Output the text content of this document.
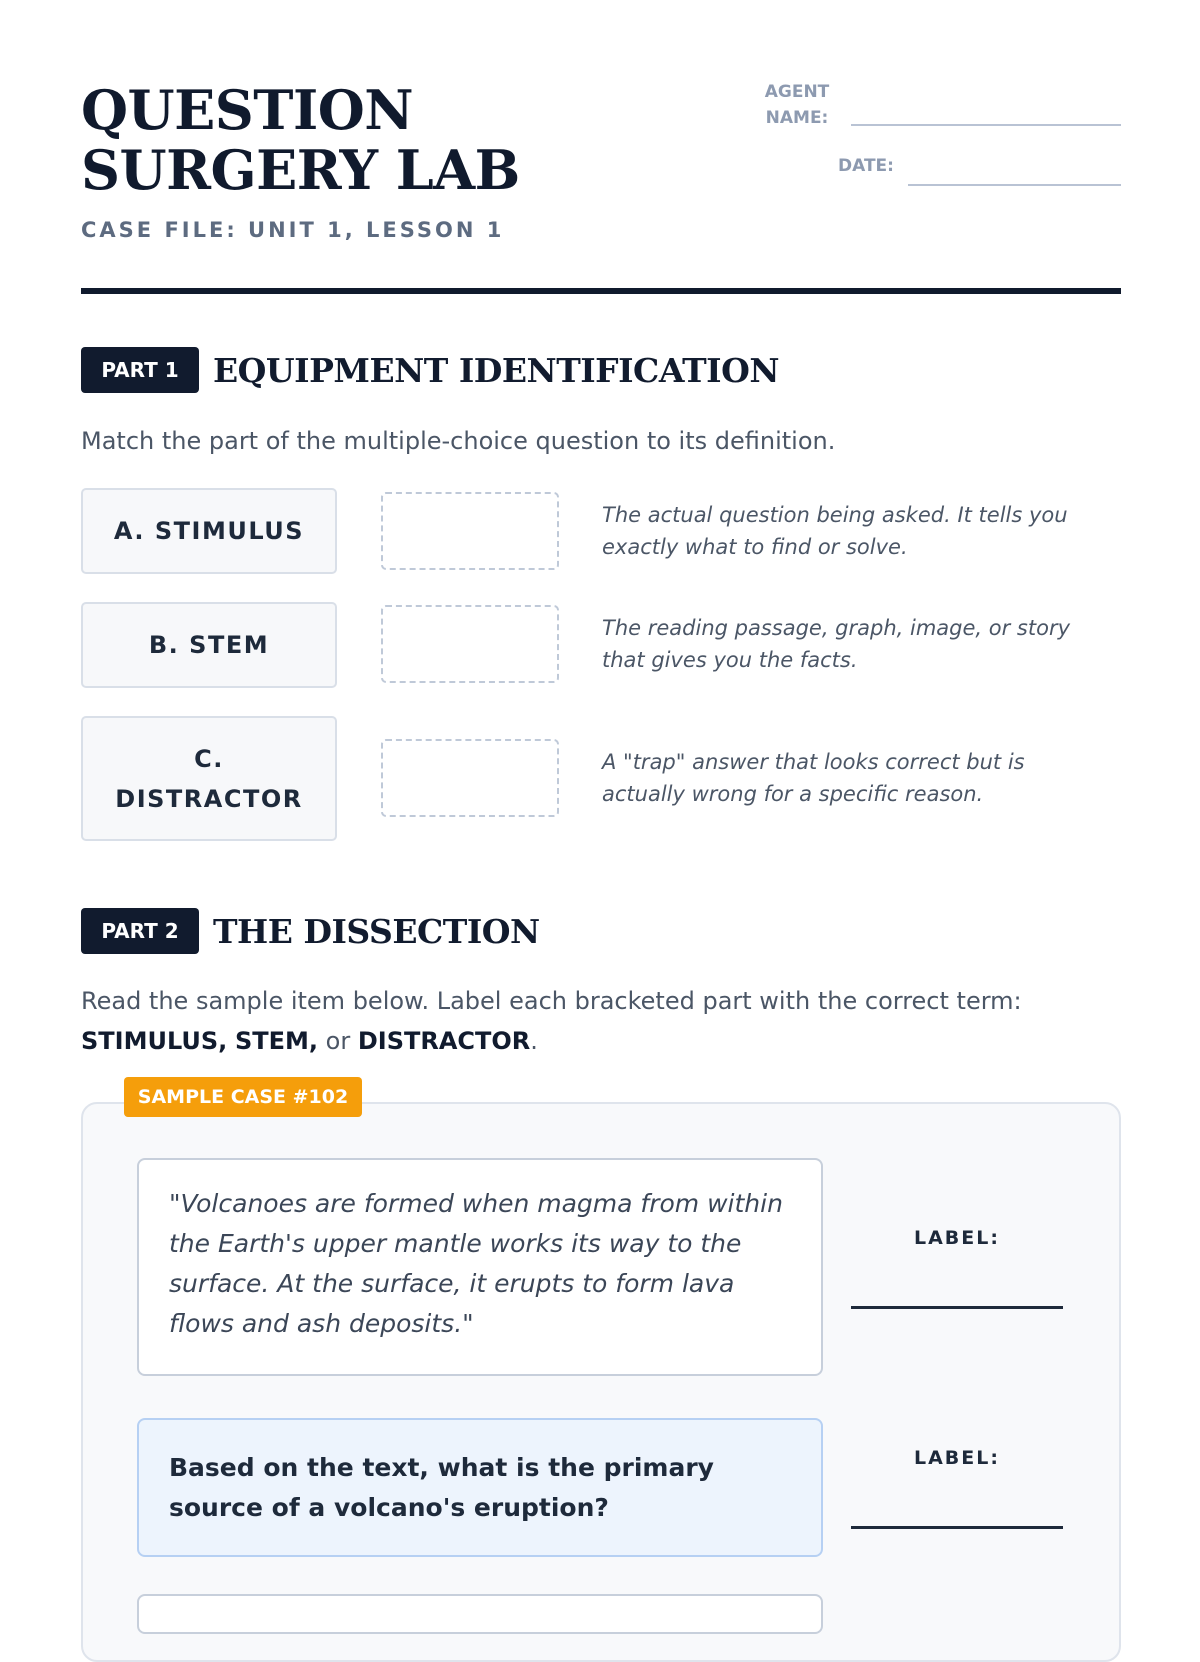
QUESTION SURGERY LAB
CASE FILE: UNIT 1, LESSON 1
AGENT NAME:
DATE:
PART 1	EQUIPMENT IDENTIFICATION
Match the part of the multiple-choice question to its definition.
A. STIMULUS
The actual question being asked. It tells you exactly what to find or solve.
B. STEM
The reading passage, graph, image, or story that gives you the facts.
C. DISTRACTOR
A "trap" answer that looks correct but is actually wrong for a specific reason.
PART 2	THE DISSECTION
Read the sample item below. Label each bracketed part with the correct term: STIMULUS, STEM, or DISTRACTOR.
SAMPLE CASE #102
"Volcanoes are formed when magma from within the Earth's upper mantle works its way to the surface. At the surface, it erupts to form lava flows and ash deposits."
LABEL:
Based on the text, what is the primary source of a volcano's eruption?
LABEL:
